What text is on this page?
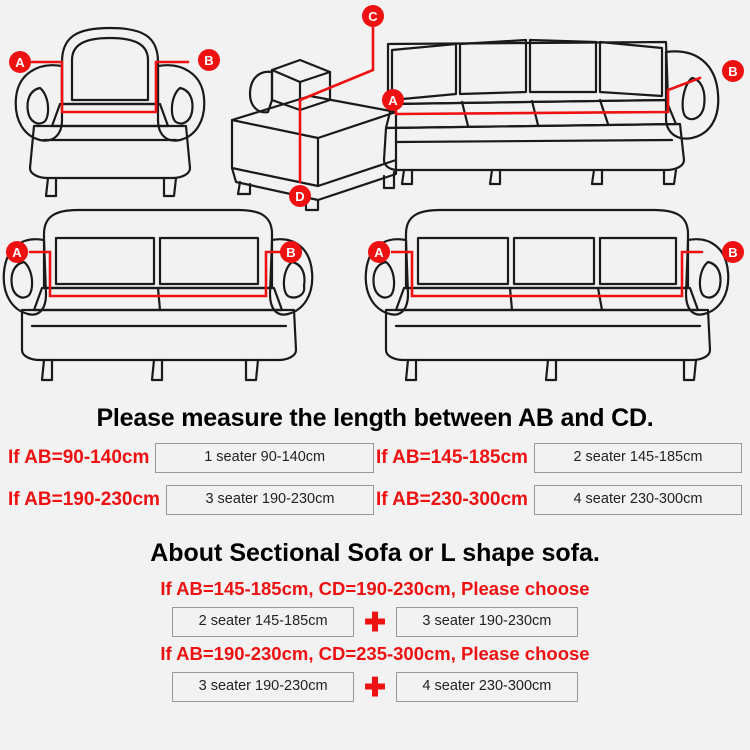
A	B
C
D
A
B
A	B	A	B

Please measure the length between AB and CD.

If AB=90-140cm	1 seater 90-140cm	If AB=145-185cm	2 seater 145-185cm
If AB=190-230cm	3 seater 190-230cm	If AB=230-300cm	4 seater 230-300cm

About Sectional Sofa or L shape sofa.

If AB=145-185cm, CD=190-230cm, Please choose

2 seater 145-185cm	✚	3 seater 190-230cm

If AB=190-230cm, CD=235-300cm, Please choose

3 seater 190-230cm	✚	4 seater 230-300cm
